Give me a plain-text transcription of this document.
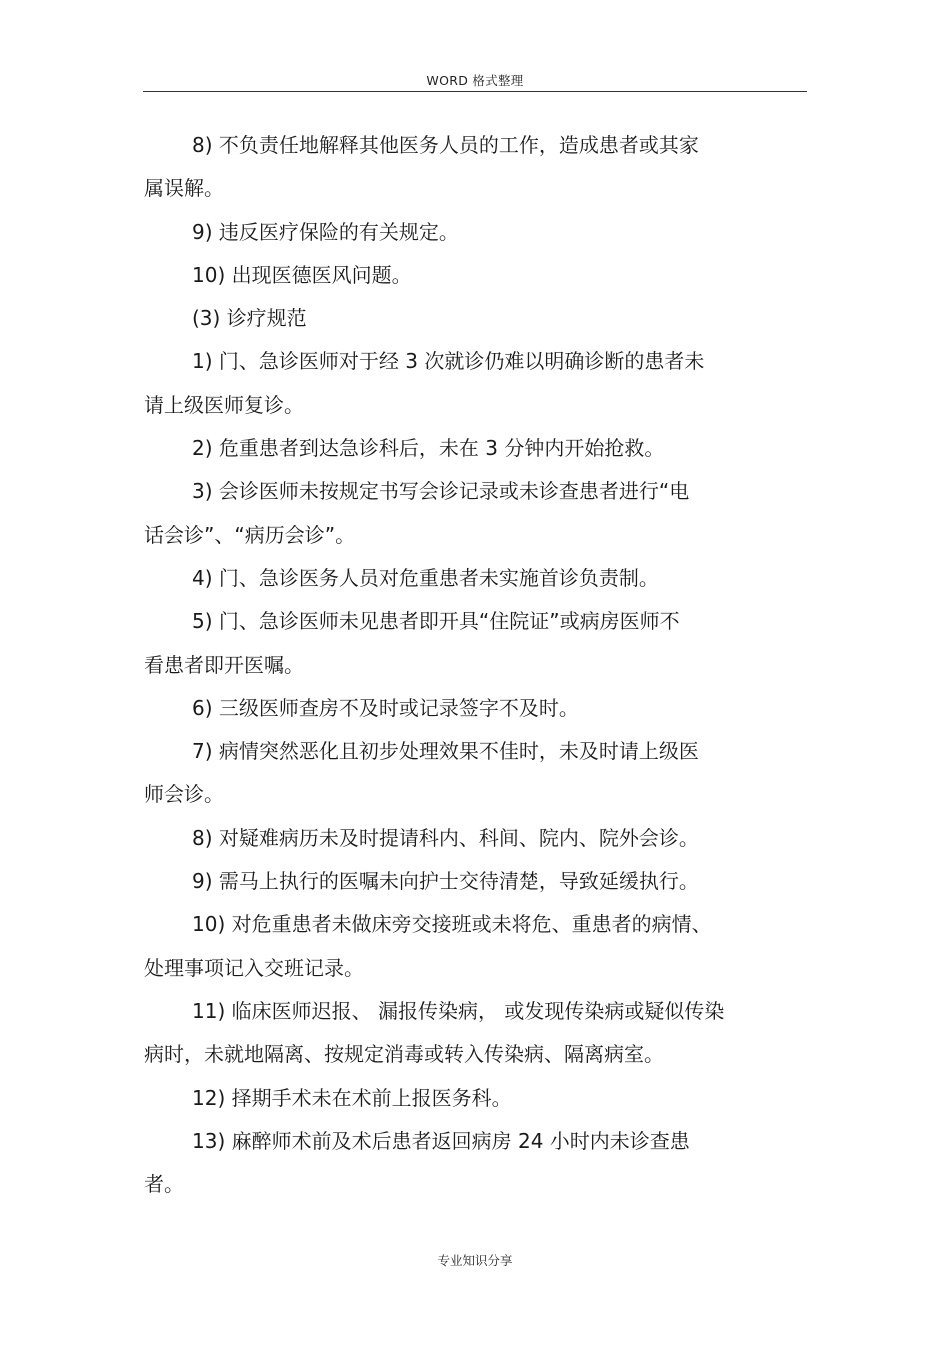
WORD 格式整理

8) 不负责任地解释其他医务人员的工作，造成患者或其家
属误解。

9) 违反医疗保险的有关规定。

10) 出现医德医风问题。

(3) 诊疗规范

1) 门、急诊医师对于经 3 次就诊仍难以明确诊断的患者未
请上级医师复诊。

2) 危重患者到达急诊科后，未在 3 分钟内开始抢救。

3) 会诊医师未按规定书写会诊记录或未诊查患者进行“电
话会诊”、“病历会诊”。

4) 门、急诊医务人员对危重患者未实施首诊负责制。

5) 门、急诊医师未见患者即开具“住院证”或病房医师不
看患者即开医嘱。

6) 三级医师查房不及时或记录签字不及时。

7) 病情突然恶化且初步处理效果不佳时，未及时请上级医
师会诊。

8) 对疑难病历未及时提请科内、科间、院内、院外会诊。

9) 需马上执行的医嘱未向护士交待清楚，导致延缓执行。

10) 对危重患者未做床旁交接班或未将危、重患者的病情、
处理事项记入交班记录。

11) 临床医师迟报、 漏报传染病， 或发现传染病或疑似传染
病时，未就地隔离、按规定消毒或转入传染病、隔离病室。

12) 择期手术未在术前上报医务科。

13) 麻醉师术前及术后患者返回病房 24 小时内未诊查患
者。

专业知识分享
